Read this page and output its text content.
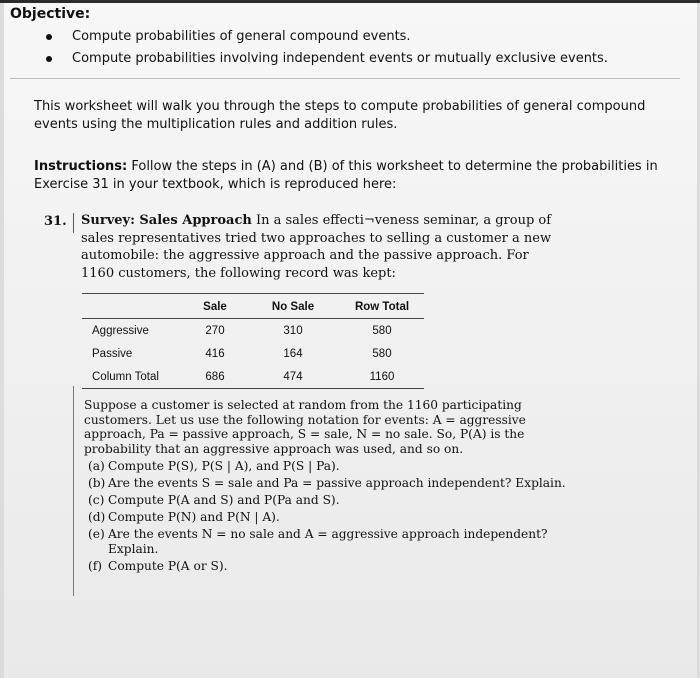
Objective:
Compute probabilities of general compound events.
Compute probabilities involving independent events or mutually exclusive events.
This worksheet will walk you through the steps to compute probabilities of general compound events using the multiplication rules and addition rules.
Instructions: Follow the steps in (A) and (B) of this worksheet to determine the probabilities in Exercise 31 in your textbook, which is reproduced here:
31. Survey: Sales Approach In a sales effecti¬veness seminar, a group of sales representatives tried two approaches to selling a customer a new automobile: the aggressive approach and the passive approach. For 1160 customers, the following record was kept:
	Sale	No Sale	Row Total
Aggressive	270	310	580
Passive	416	164	580
Column Total	686	474	1160
Suppose a customer is selected at random from the 1160 participating customers. Let us use the following notation for events: A = aggressive approach, Pa = passive approach, S = sale, N = no sale. So, P(A) is the probability that an aggressive approach was used, and so on.
(a) Compute P(S), P(S | A), and P(S | Pa).
(b) Are the events S = sale and Pa = passive approach independent? Explain.
(c) Compute P(A and S) and P(Pa and S).
(d) Compute P(N) and P(N | A).
(e) Are the events N = no sale and A = aggressive approach independent? Explain.
(f) Compute P(A or S).
